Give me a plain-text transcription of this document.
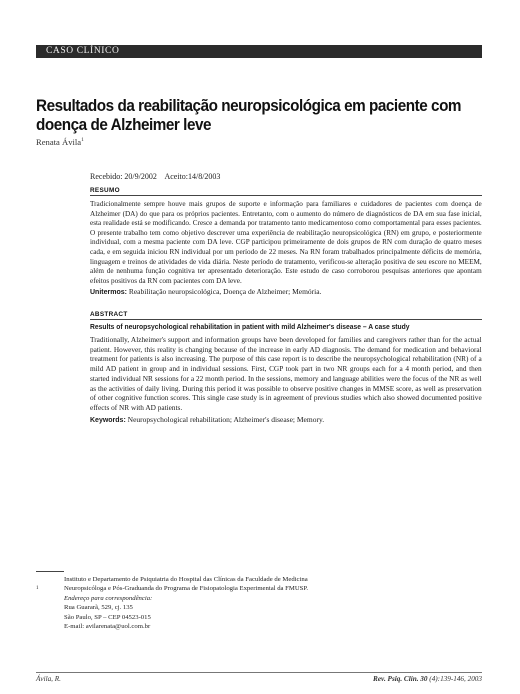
CASO CLÍNICO
Resultados da reabilitação neuropsicológica em paciente com
doença de Alzheimer leve
Renata Ávila$^1$
Recebido: 20/9/2002    Aceito:14/8/2003
RESUMO

Tradicionalmente sempre houve mais grupos de suporte e informação para familiares e cuidadores de pacientes com doença de Alzheimer (DA) do que para os próprios pacientes. Entretanto, com o aumento do número de diagnósticos de DA em sua fase inicial, esta realidade está se modificando. Cresce a demanda por tratamento tanto medicamentoso como comportamental para esses pacientes. O presente trabalho tem como objetivo descrever uma experiência de reabilitação neuropsicológica (RN) em grupo, e posteriormente individual, com a mesma paciente com DA leve. CGP participou primeiramente de dois grupos de RN com duração de quatro meses cada, e em seguida iniciou RN individual por um período de 22 meses. Na RN foram trabalhados principalmente déficits de memória, linguagem e treinos de atividades de vida diária. Neste período de tratamento, verificou-se alteração positiva de seu escore no MEEM, além de nenhuma função cognitiva ter apresentado deterioração. Este estudo de caso corroborou pesquisas anteriores que apontam efeitos positivos da RN com pacientes com DA leve.

Unitermos: Reabilitação neuropsicológica, Doença de Alzheimer; Memória.
ABSTRACT
Results of neuropsychological rehabilitation in patient with mild Alzheimer's disease – A case study

Traditionally, Alzheimer's support and information groups have been developed for families and caregivers rather than for the actual patient. However, this reality is changing because of the increase in early AD diagnosis. The demand for medication and behavioral treatment for patients is also increasing. The purpose of this case report is to describe the neuropsychological rehabilitation (NR) of a mild AD patient in group and in individual sessions. First, CGP took part in two NR groups each for a 4 month period, and then started individual NR sessions for a 22 month period. In the sessions, memory and language abilities were the focus of the NR as well as the activities of daily living. During this period it was possible to observe positive changes in MMSE score, as well as preservation of other cognitive function scores. This single case study is in agreement of previous studies which also showed documented positive effects of NR with AD patients.

Keywords: Neuropsychological rehabilitation; Alzheimer's disease; Memory.
Instituto e Departamento de Psiquiatria do Hospital das Clínicas da Faculdade de Medicina
1	Neuropsicóloga e Pós-Graduanda do Programa de Fisiopatologia Experimental da FMUSP.
Endereço para correspondência:
Rua Guararã, 529, cj. 135
São Paulo, SP – CEP 04523-015
E-mail: avilarenata@uol.com.br
Ávila, R.	Rev. Psiq. Clín. 30 (4):139-146, 2003
